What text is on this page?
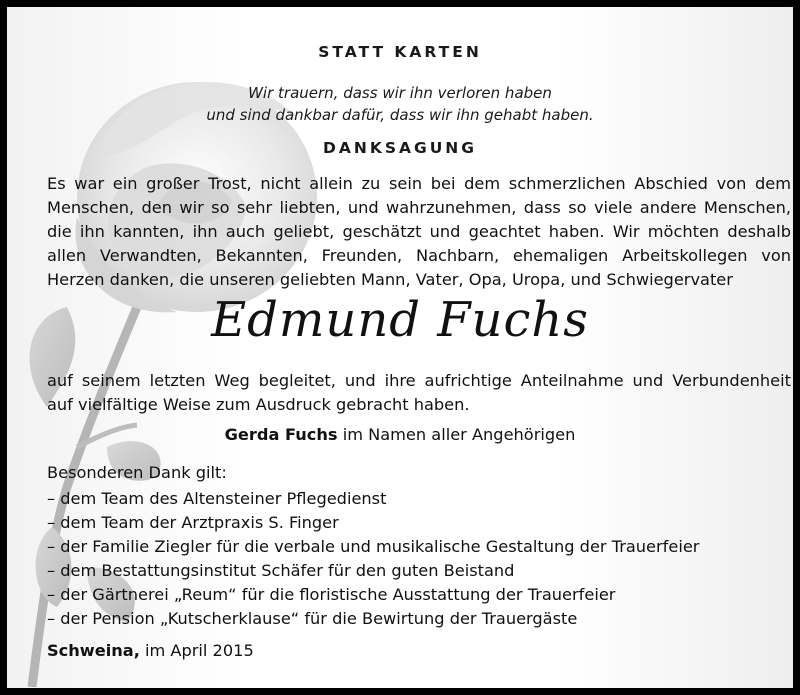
STATT KARTEN
Wir trauern, dass wir ihn verloren haben
und sind dankbar dafür, dass wir ihn gehabt haben.
DANKSAGUNG
Es war ein großer Trost, nicht allein zu sein bei dem schmerzlichen Abschied von dem
Menschen, den wir so sehr liebten, und wahrzunehmen, dass so viele andere Menschen,
die ihn kannten, ihn auch geliebt, geschätzt und geachtet haben. Wir möchten deshalb
allen Verwandten, Bekannten, Freunden, Nachbarn, ehemaligen Arbeitskollegen von
Herzen danken, die unseren geliebten Mann, Vater, Opa, Uropa, und Schwiegervater
Edmund Fuchs
auf seinem letzten Weg begleitet, und ihre aufrichtige Anteilnahme und Verbundenheit
auf vielfältige Weise zum Ausdruck gebracht haben.
Gerda Fuchs im Namen aller Angehörigen
Besonderen Dank gilt:
– dem Team des Altensteiner Pflegedienst
– dem Team der Arztpraxis S. Finger
– der Familie Ziegler für die verbale und musikalische Gestaltung der Trauerfeier
– dem Bestattungsinstitut Schäfer für den guten Beistand
– der Gärtnerei „Reum“ für die floristische Ausstattung der Trauerfeier
– der Pension „Kutscherklause“ für die Bewirtung der Trauergäste
Schweina, im April 2015
